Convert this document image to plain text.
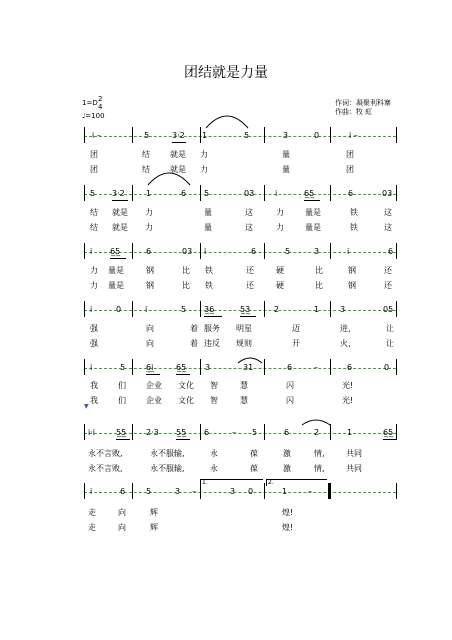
团结就是力量
1=D 2
4
♩=100
作词：凝聚利科寨
作曲：牧 虹
i –	5	3·2 1	5	3	0	i –
团	结	就是 力	量	团
团	结	就是 力	量	团
5 3·2	1	6 5	03	i	6̲5̲	6	03
结 就是 力	量	这	力	量是	铁	这
结 就是 力	量	这	力	量是	铁	这
i 6̲5̲	6	03 i	6	5	3	i	6
力 量是	钢	比 铁	还	硬	比	钢	还
力 量是	钢	比 铁	还	硬	比	钢	还
i	0	i	5 3̲6̲	5̲3̲	2	1	3	05
强	向	着 服务 明星	迈	进，	让
强	向	着 违反 规则	开	火，	让
i	5	6̲i̲	6̲5̲ 3	31	6	–	6	0
我	们	企业 文化 智	慧	闪	光!
我	们	企业 文化 智	慧	闪	光!
i·i	5̲5̲ 2·3 5̲5̲ 6	– 5	6	2	1	6̲5̲
永不言败,	永不 服输,	永	葆	激	情,	共同
永不言败,	永不 服输,	永	葆	激	情,	共同
i	6	5	3 –	3 0	1	–
走	向	辉	煌!
走	向	辉	煌!
1.	2.
▼
